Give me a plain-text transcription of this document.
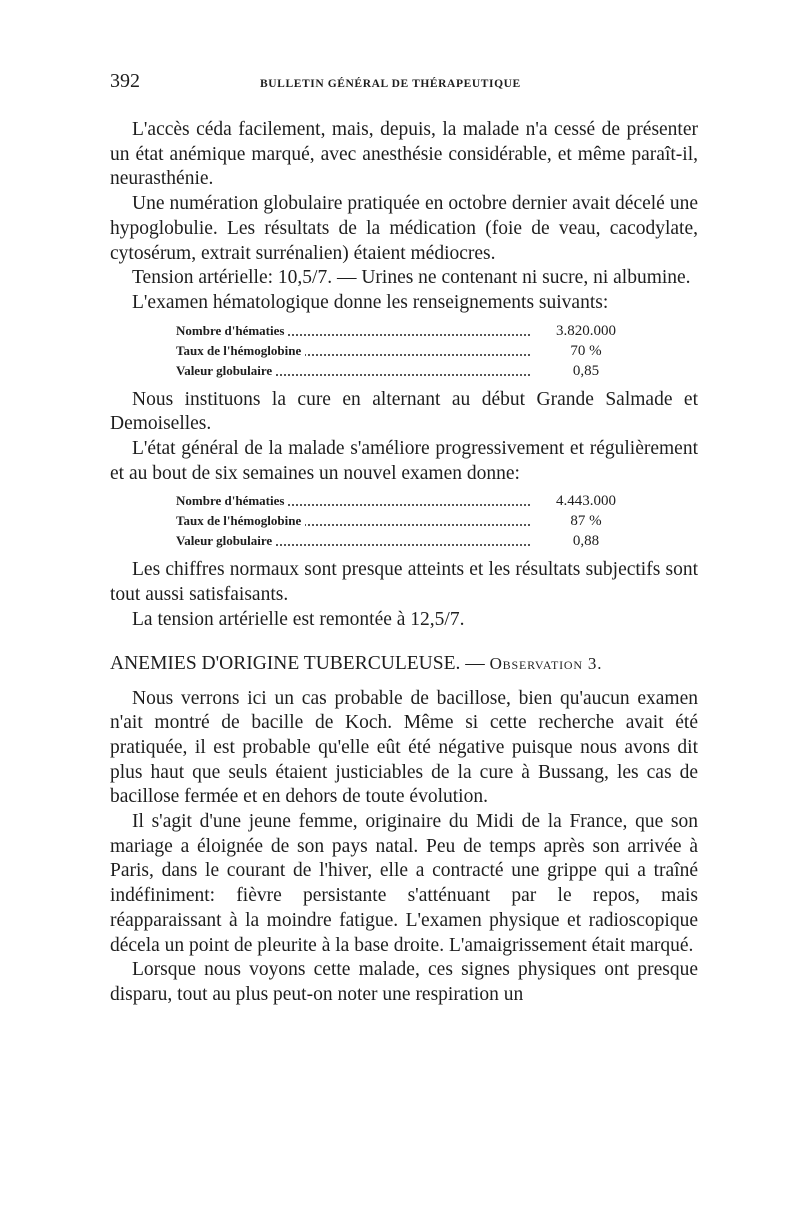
392	BULLETIN GÉNÉRAL DE THÉRAPEUTIQUE

L'accès céda facilement, mais, depuis, la malade n'a cessé de présenter un état anémique marqué, avec anesthésie considérable, et même paraît-il, neurasthénie.

Une numération globulaire pratiquée en octobre dernier avait décelé une hypoglobulie. Les résultats de la médication (foie de veau, cacodylate, cytosérum, extrait surrénalien) étaient médiocres.

Tension artérielle: 10,5/7. — Urines ne contenant ni sucre, ni albumine.

L'examen hématologique donne les renseignements suivants:

Nombre d'hématies	3.820.000
Taux de l'hémoglobine	70 %
Valeur globulaire	0,85

Nous instituons la cure en alternant au début Grande Salmade et Demoiselles.

L'état général de la malade s'améliore progressivement et régulièrement et au bout de six semaines un nouvel examen donne:

Nombre d'hématies	4.443.000
Taux de l'hémoglobine	87 %
Valeur globulaire	0,88

Les chiffres normaux sont presque atteints et les résultats subjectifs sont tout aussi satisfaisants.

La tension artérielle est remontée à 12,5/7.

ANEMIES D'ORIGINE TUBERCULEUSE. — Observation 3.

Nous verrons ici un cas probable de bacillose, bien qu'aucun examen n'ait montré de bacille de Koch. Même si cette recherche avait été pratiquée, il est probable qu'elle eût été négative puisque nous avons dit plus haut que seuls étaient justiciables de la cure à Bussang, les cas de bacillose fermée et en dehors de toute évolution.

Il s'agit d'une jeune femme, originaire du Midi de la France, que son mariage a éloignée de son pays natal. Peu de temps après son arrivée à Paris, dans le courant de l'hiver, elle a contracté une grippe qui a traîné indéfiniment: fièvre persistante s'atténuant par le repos, mais réapparaissant à la moindre fatigue. L'examen physique et radioscopique décela un point de pleurite à la base droite. L'amaigrissement était marqué.

Lorsque nous voyons cette malade, ces signes physiques ont presque disparu, tout au plus peut-on noter une respiration un
